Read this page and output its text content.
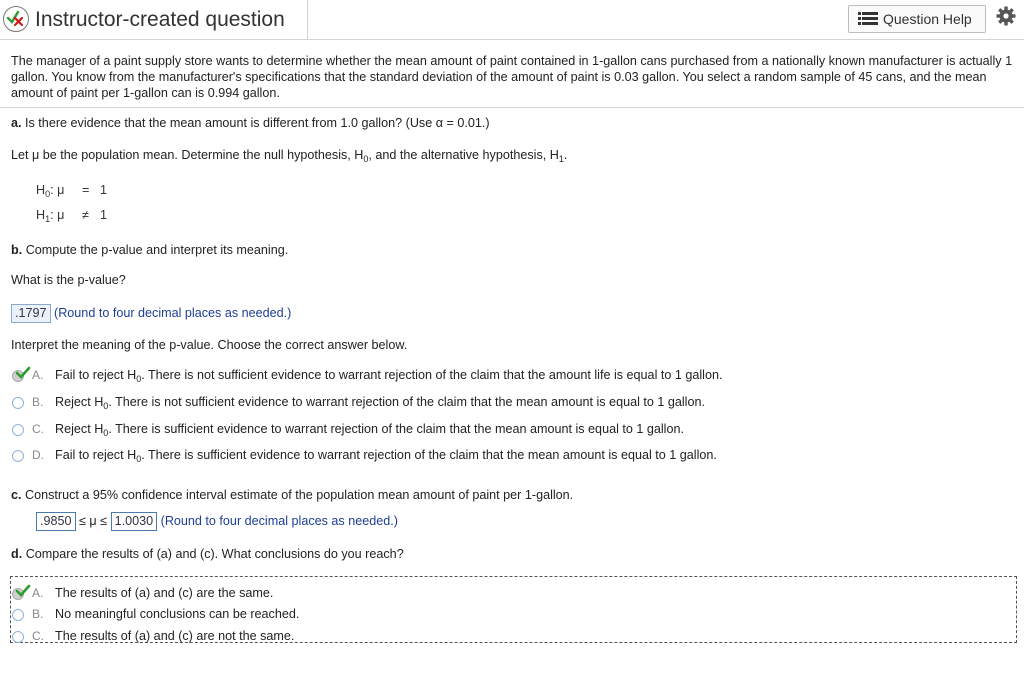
Instructor-created question	Question Help
The manager of a paint supply store wants to determine whether the mean amount of paint contained in 1-gallon cans purchased from a nationally known manufacturer is actually 1 gallon. You know from the manufacturer's specifications that the standard deviation of the amount of paint is 0.03 gallon. You select a random sample of 45 cans, and the mean amount of paint per 1-gallon can is 0.994 gallon.
a. Is there evidence that the mean amount is different from 1.0 gallon? (Use α = 0.01.)
Let μ be the population mean. Determine the null hypothesis, $H_0$, and the alternative hypothesis, $H_1$.
$H_0$: μ = 1
$H_1$: μ ≠ 1
b. Compute the p-value and interpret its meaning.
What is the p-value?
.1797 (Round to four decimal places as needed.)
Interpret the meaning of the p-value. Choose the correct answer below.
A. Fail to reject $H_0$. There is not sufficient evidence to warrant rejection of the claim that the amount life is equal to 1 gallon.
B. Reject $H_0$. There is not sufficient evidence to warrant rejection of the claim that the mean amount is equal to 1 gallon.
C. Reject $H_0$. There is sufficient evidence to warrant rejection of the claim that the mean amount is equal to 1 gallon.
D. Fail to reject $H_0$. There is sufficient evidence to warrant rejection of the claim that the mean amount is equal to 1 gallon.
c. Construct a 95% confidence interval estimate of the population mean amount of paint per 1-gallon.
.9850 ≤ μ ≤ 1.0030 (Round to four decimal places as needed.)
d. Compare the results of (a) and (c). What conclusions do you reach?
A. The results of (a) and (c) are the same.
B. No meaningful conclusions can be reached.
C. The results of (a) and (c) are not the same.
